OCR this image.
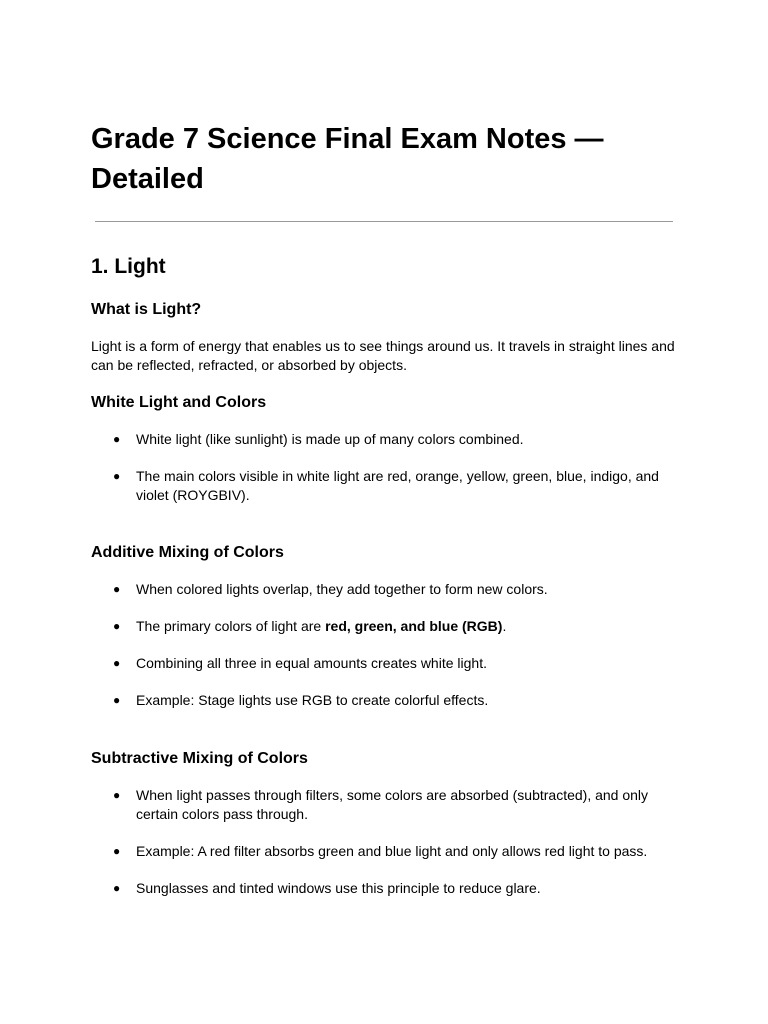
Grade 7 Science Final Exam Notes — Detailed
1. Light
What is Light?

Light is a form of energy that enables us to see things around us. It travels in straight lines and can be reflected, refracted, or absorbed by objects.

White Light and Colors
● White light (like sunlight) is made up of many colors combined.
● The main colors visible in white light are red, orange, yellow, green, blue, indigo, and violet (ROYGBIV).
Additive Mixing of Colors
● When colored lights overlap, they add together to form new colors.
● The primary colors of light are red, green, and blue (RGB).
● Combining all three in equal amounts creates white light.
● Example: Stage lights use RGB to create colorful effects.
Subtractive Mixing of Colors
● When light passes through filters, some colors are absorbed (subtracted), and only certain colors pass through.
● Example: A red filter absorbs green and blue light and only allows red light to pass.
● Sunglasses and tinted windows use this principle to reduce glare.
